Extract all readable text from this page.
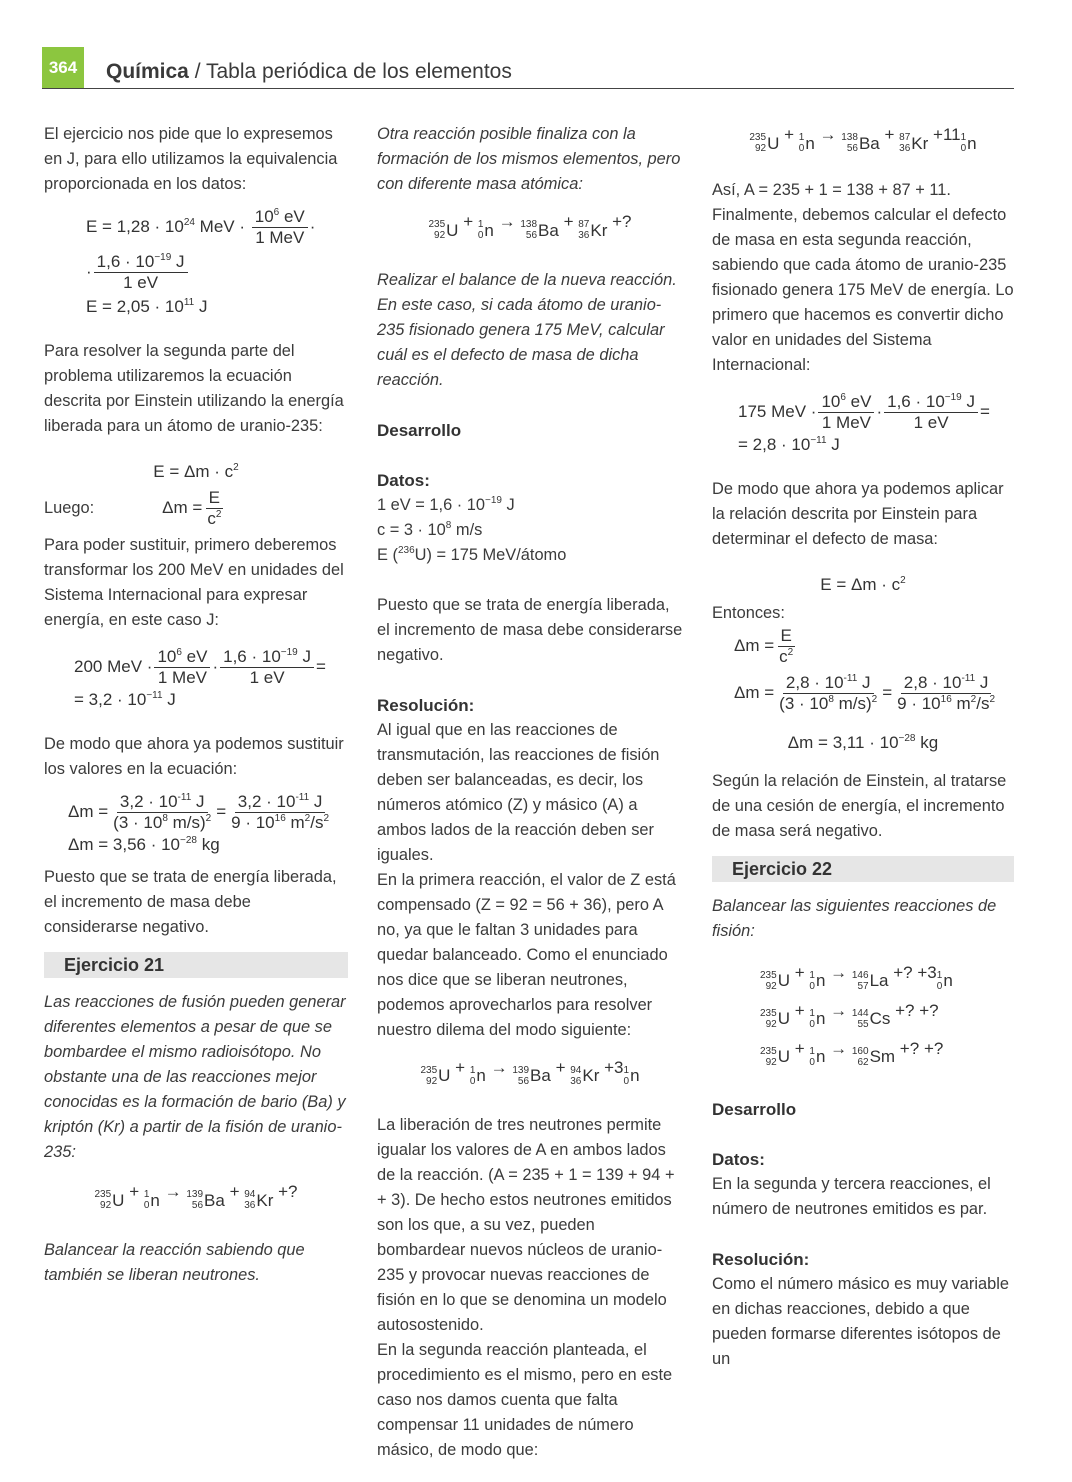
364	Química / Tabla periódica de los elementos

El ejercicio nos pide que lo expresemos en J, para ello utilizamos la equivalencia proporcionada en los datos:

$E = 1,28 \cdot 10^{24}$ MeV · $\frac{10^6 eV}{\text{1 MeV}}$ ·
· $\frac{1,6 \cdot 10^{-19} J}{1 eV}$
$E = 2,05 \cdot 10^{11}$ J

Para resolver la segunda parte del problema utilizaremos la ecuación descrita por Einstein utilizando la energía liberada para un átomo de uranio-235:

$E = \Delta m \cdot c^2$
Luego:	$\Delta m = \frac{E}{c^2}$

Para poder sustituir, primero deberemos transformar los 200 MeV en unidades del Sistema Internacional para expresar energía, en este caso J:

200 MeV · $\frac{10^6 eV}{\text{1 MeV}} \cdot \frac{1,6 \cdot 10^{-19} J}{1 eV}$ =
= $3,2 \cdot 10^{-11}$ J

De modo que ahora ya podemos sustituir los valores en la ecuación:

$\Delta m = \frac{3,2 \cdot 10^{-11} J}{(3 \cdot 10^8 m/s)^2} = \frac{3,2 \cdot 10^{-11} J}{9 \cdot 10^{16} m^2/s^2}$
$\Delta m = 3,56 \cdot 10^{-28}$ kg

Puesto que se trata de energía liberada, el incremento de masa debe considerarse negativo.

Ejercicio 21

Las reacciones de fusión pueden generar diferentes elementos a pesar de que se bombardee el mismo radioisótopo. No obstante una de las reacciones mejor conocidas es la formación de bario (Ba) y kriptón (Kr) a partir de la fisión de uranio-235:

235
92 U + 1
0 n → 139
56 Ba + 94
36 Kr +?

Balancear la reacción sabiendo que también se liberan neutrones.

Otra reacción posible finaliza con la formación de los mismos elementos, pero con diferente masa atómica:

235
92 U + 1
0 n → 138
56 Ba + 87
36 Kr +?

Realizar el balance de la nueva reacción. En este caso, si cada átomo de uranio-235 fisionado genera 175 MeV, calcular cuál es el defecto de masa de dicha reacción.

Desarrollo

Datos:

1 eV = $1,6 \cdot 10^{-19}$ J

$c = 3 \cdot 10^8$ m/s

E ($^{236}$U) = 175 MeV/átomo

Puesto que se trata de energía liberada, el incremento de masa debe considerarse negativo.

Resolución:

Al igual que en las reacciones de transmutación, las reacciones de fisión deben ser balanceadas, es decir, los números atómico (Z) y másico (A) a ambos lados de la reacción deben ser iguales.

En la primera reacción, el valor de Z está compensado (Z = 92 = 56 + 36), pero A no, ya que le faltan 3 unidades para quedar balanceado. Como el enunciado nos dice que se liberan neutrones, podemos aprovecharlos para resolver nuestro dilema del modo siguiente:

235
92 U + 1
0 n → 139
56 Ba + 94
36 Kr +3 1
0 n

La liberación de tres neutrones permite igualar los valores de A en ambos lados de la reacción. (A = 235 + 1 = 139 + 94 + + 3). De hecho estos neutrones emitidos son los que, a su vez, pueden bombardear nuevos núcleos de uranio-235 y provocar nuevas reacciones de fisión en lo que se denomina un modelo autosostenido.

En la segunda reacción planteada, el procedimiento es el mismo, pero en este caso nos damos cuenta que falta compensar 11 unidades de número másico, de modo que:

235
92 U + 1
0 n → 138
56 Ba + 87
36 Kr +11 1
0 n

Así, A = 235 + 1 = 138 + 87 + 11. Finalmente, debemos calcular el defecto de masa en esta segunda reacción, sabiendo que cada átomo de uranio-235 fisionado genera 175 MeV de energía. Lo primero que hacemos es convertir dicho valor en unidades del Sistema Internacional:

175 MeV · $\frac{10^6 eV}{\text{1 MeV}} \cdot \frac{1,6 \cdot 10^{-19} J}{1 eV}$ =
= $2,8 \cdot 10^{-11}$ J

De modo que ahora ya podemos aplicar la relación descrita por Einstein para determinar el defecto de masa:

$E = \Delta m \cdot c^2$

Entonces:

$\Delta m = \frac{E}{c^2}$
$\Delta m = \frac{2,8 \cdot 10^{-11} J}{(3 \cdot 10^8 m/s)^2} = \frac{2,8 \cdot 10^{-11} J}{9 \cdot 10^{16} m^2/s^2}$
$\Delta m = 3,11 \cdot 10^{-28}$ kg

Según la relación de Einstein, al tratarse de una cesión de energía, el incremento de masa será negativo.

Ejercicio 22

Balancear las siguientes reacciones de fisión:

235
92 U + 1
0 n → 146
57 La +? +3 1
0 n
235
92 U + 1
0 n → 144
55 Cs +? +?
235
92 U + 1
0 n → 160
62 Sm +? +?

Desarrollo

Datos:

En la segunda y tercera reacciones, el número de neutrones emitidos es par.

Resolución:

Como el número másico es muy variable en dichas reacciones, debido a que pueden formarse diferentes isótopos de un
